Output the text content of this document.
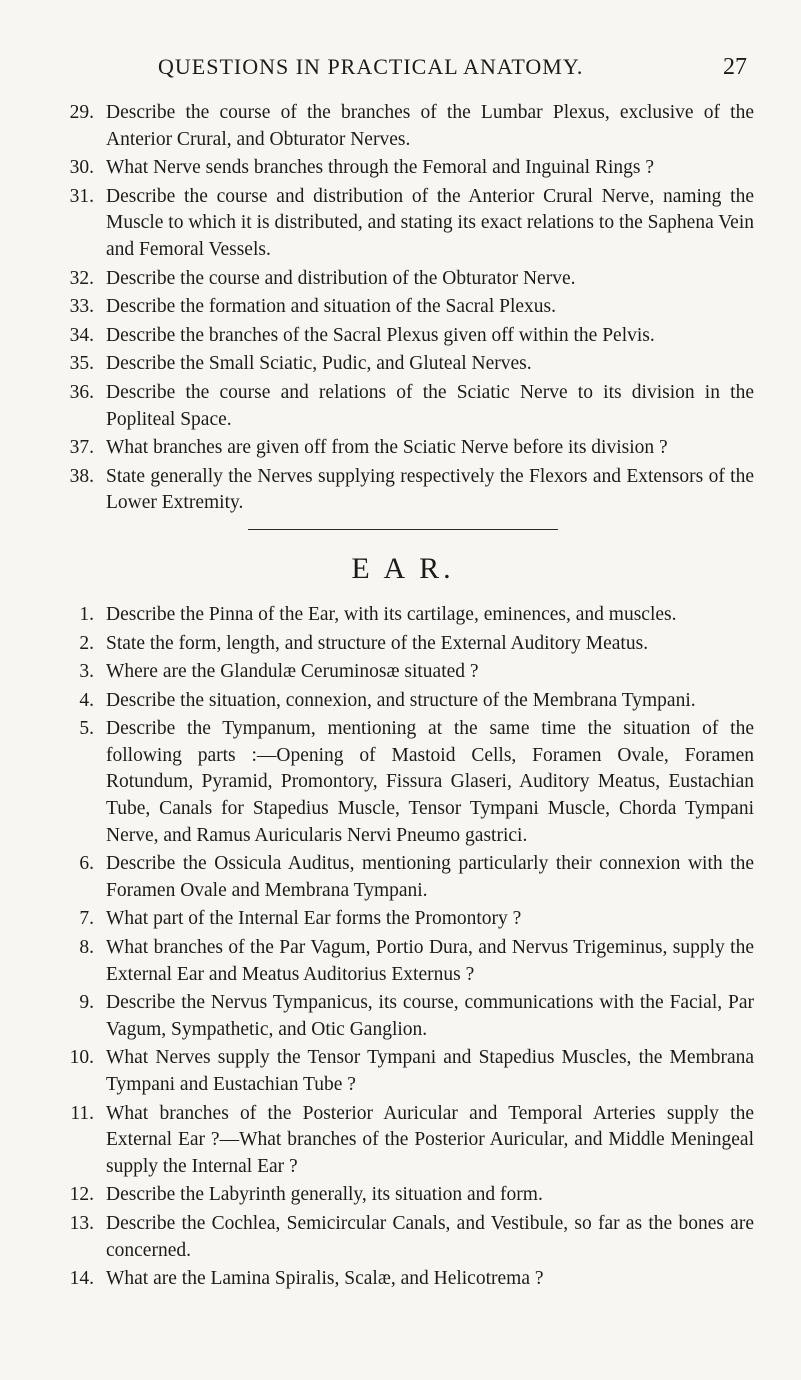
QUESTIONS IN PRACTICAL ANATOMY.	27
29. Describe the course of the branches of the Lumbar Plexus, exclusive of the Anterior Crural, and Obturator Nerves.
30. What Nerve sends branches through the Femoral and Inguinal Rings ?
31. Describe the course and distribution of the Anterior Crural Nerve, naming the Muscle to which it is distributed, and stating its exact relations to the Saphena Vein and Femoral Vessels.
32. Describe the course and distribution of the Obturator Nerve.
33. Describe the formation and situation of the Sacral Plexus.
34. Describe the branches of the Sacral Plexus given off within the Pelvis.
35. Describe the Small Sciatic, Pudic, and Gluteal Nerves.
36. Describe the course and relations of the Sciatic Nerve to its division in the Popliteal Space.
37. What branches are given off from the Sciatic Nerve before its division ?
38. State generally the Nerves supplying respectively the Flexors and Extensors of the Lower Extremity.
E A R.
1. Describe the Pinna of the Ear, with its cartilage, eminences, and muscles.
2. State the form, length, and structure of the External Auditory Meatus.
3. Where are the Glandulæ Ceruminosæ situated ?
4. Describe the situation, connexion, and structure of the Membrana Tympani.
5. Describe the Tympanum, mentioning at the same time the situation of the following parts :—Opening of Mastoid Cells, Foramen Ovale, Foramen Rotundum, Pyramid, Promontory, Fissura Glaseri, Auditory Meatus, Eustachian Tube, Canals for Stapedius Muscle, Tensor Tympani Muscle, Chorda Tympani Nerve, and Ramus Auricularis Nervi Pneumo gastrici.
6. Describe the Ossicula Auditus, mentioning particularly their connexion with the Foramen Ovale and Membrana Tympani.
7. What part of the Internal Ear forms the Promontory ?
8. What branches of the Par Vagum, Portio Dura, and Nervus Trigeminus, supply the External Ear and Meatus Auditorius Externus ?
9. Describe the Nervus Tympanicus, its course, communications with the Facial, Par Vagum, Sympathetic, and Otic Ganglion.
10. What Nerves supply the Tensor Tympani and Stapedius Muscles, the Membrana Tympani and Eustachian Tube ?
11. What branches of the Posterior Auricular and Temporal Arteries supply the External Ear ?—What branches of the Posterior Auricular, and Middle Meningeal supply the Internal Ear ?
12. Describe the Labyrinth generally, its situation and form.
13. Describe the Cochlea, Semicircular Canals, and Vestibule, so far as the bones are concerned.
14. What are the Lamina Spiralis, Scalæ, and Helicotrema ?
